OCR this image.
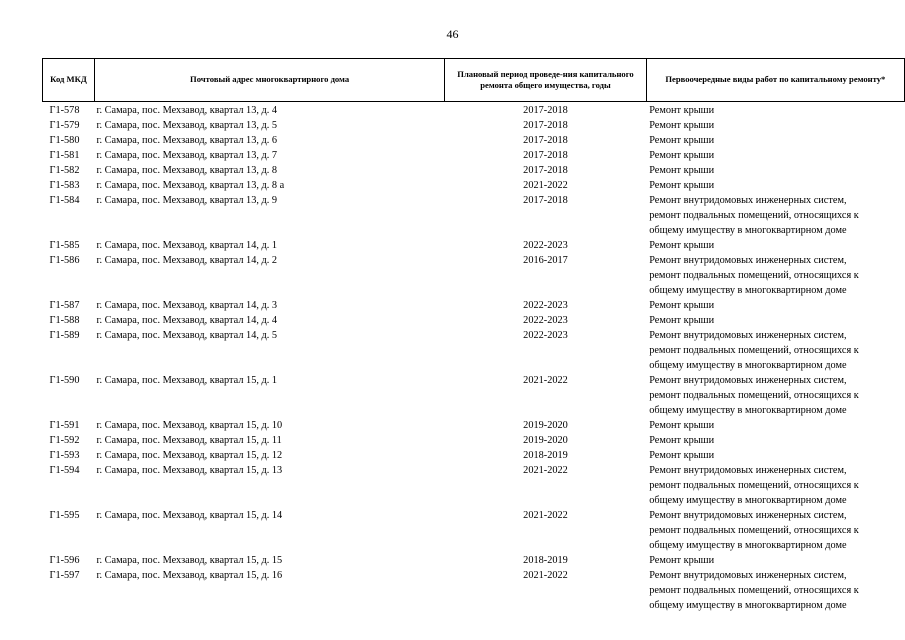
46
Код МКД	Почтовый адрес многоквартирного дома	Плановый период проведе-ния капитального ремонта общего имущества, годы	Первоочередные виды работ по капитальному ремонту*
Г1-578	г. Самара, пос. Мехзавод, квартал 13, д. 4	2017-2018	Ремонт крыши

Г1-579	г. Самара, пос. Мехзавод, квартал 13, д. 5	2017-2018	Ремонт крыши

Г1-580	г. Самара, пос. Мехзавод, квартал 13, д. 6	2017-2018	Ремонт крыши

Г1-581	г. Самара, пос. Мехзавод, квартал 13, д. 7	2017-2018	Ремонт крыши

Г1-582	г. Самара, пос. Мехзавод, квартал 13, д. 8	2017-2018	Ремонт крыши

Г1-583	г. Самара, пос. Мехзавод, квартал 13, д. 8 а	2021-2022	Ремонт крыши

Г1-584	г. Самара, пос. Мехзавод, квартал 13, д. 9	2017-2018	Ремонт внутридомовых инженерных систем,
ремонт подвальных помещений, относящихся к
общему имуществу в многоквартирном доме

Г1-585	г. Самара, пос. Мехзавод, квартал 14, д. 1	2022-2023	Ремонт крыши

Г1-586	г. Самара, пос. Мехзавод, квартал 14, д. 2	2016-2017	Ремонт внутридомовых инженерных систем,
ремонт подвальных помещений, относящихся к
общему имуществу в многоквартирном доме

Г1-587	г. Самара, пос. Мехзавод, квартал 14, д. 3	2022-2023	Ремонт крыши

Г1-588	г. Самара, пос. Мехзавод, квартал 14, д. 4	2022-2023	Ремонт крыши

Г1-589	г. Самара, пос. Мехзавод, квартал 14, д. 5	2022-2023	Ремонт внутридомовых инженерных систем,
ремонт подвальных помещений, относящихся к
общему имуществу в многоквартирном доме

Г1-590	г. Самара, пос. Мехзавод, квартал 15, д. 1	2021-2022	Ремонт внутридомовых инженерных систем,
ремонт подвальных помещений, относящихся к
общему имуществу в многоквартирном доме

Г1-591	г. Самара, пос. Мехзавод, квартал 15, д. 10	2019-2020	Ремонт крыши

Г1-592	г. Самара, пос. Мехзавод, квартал 15, д. 11	2019-2020	Ремонт крыши

Г1-593	г. Самара, пос. Мехзавод, квартал 15, д. 12	2018-2019	Ремонт крыши

Г1-594	г. Самара, пос. Мехзавод, квартал 15, д. 13	2021-2022	Ремонт внутридомовых инженерных систем,
ремонт подвальных помещений, относящихся к
общему имуществу в многоквартирном доме

Г1-595	г. Самара, пос. Мехзавод, квартал 15, д. 14	2021-2022	Ремонт внутридомовых инженерных систем,
ремонт подвальных помещений, относящихся к
общему имуществу в многоквартирном доме

Г1-596	г. Самара, пос. Мехзавод, квартал 15, д. 15	2018-2019	Ремонт крыши

Г1-597	г. Самара, пос. Мехзавод, квартал 15, д. 16	2021-2022	Ремонт внутридомовых инженерных систем,
ремонт подвальных помещений, относящихся к
общему имуществу в многоквартирном доме
